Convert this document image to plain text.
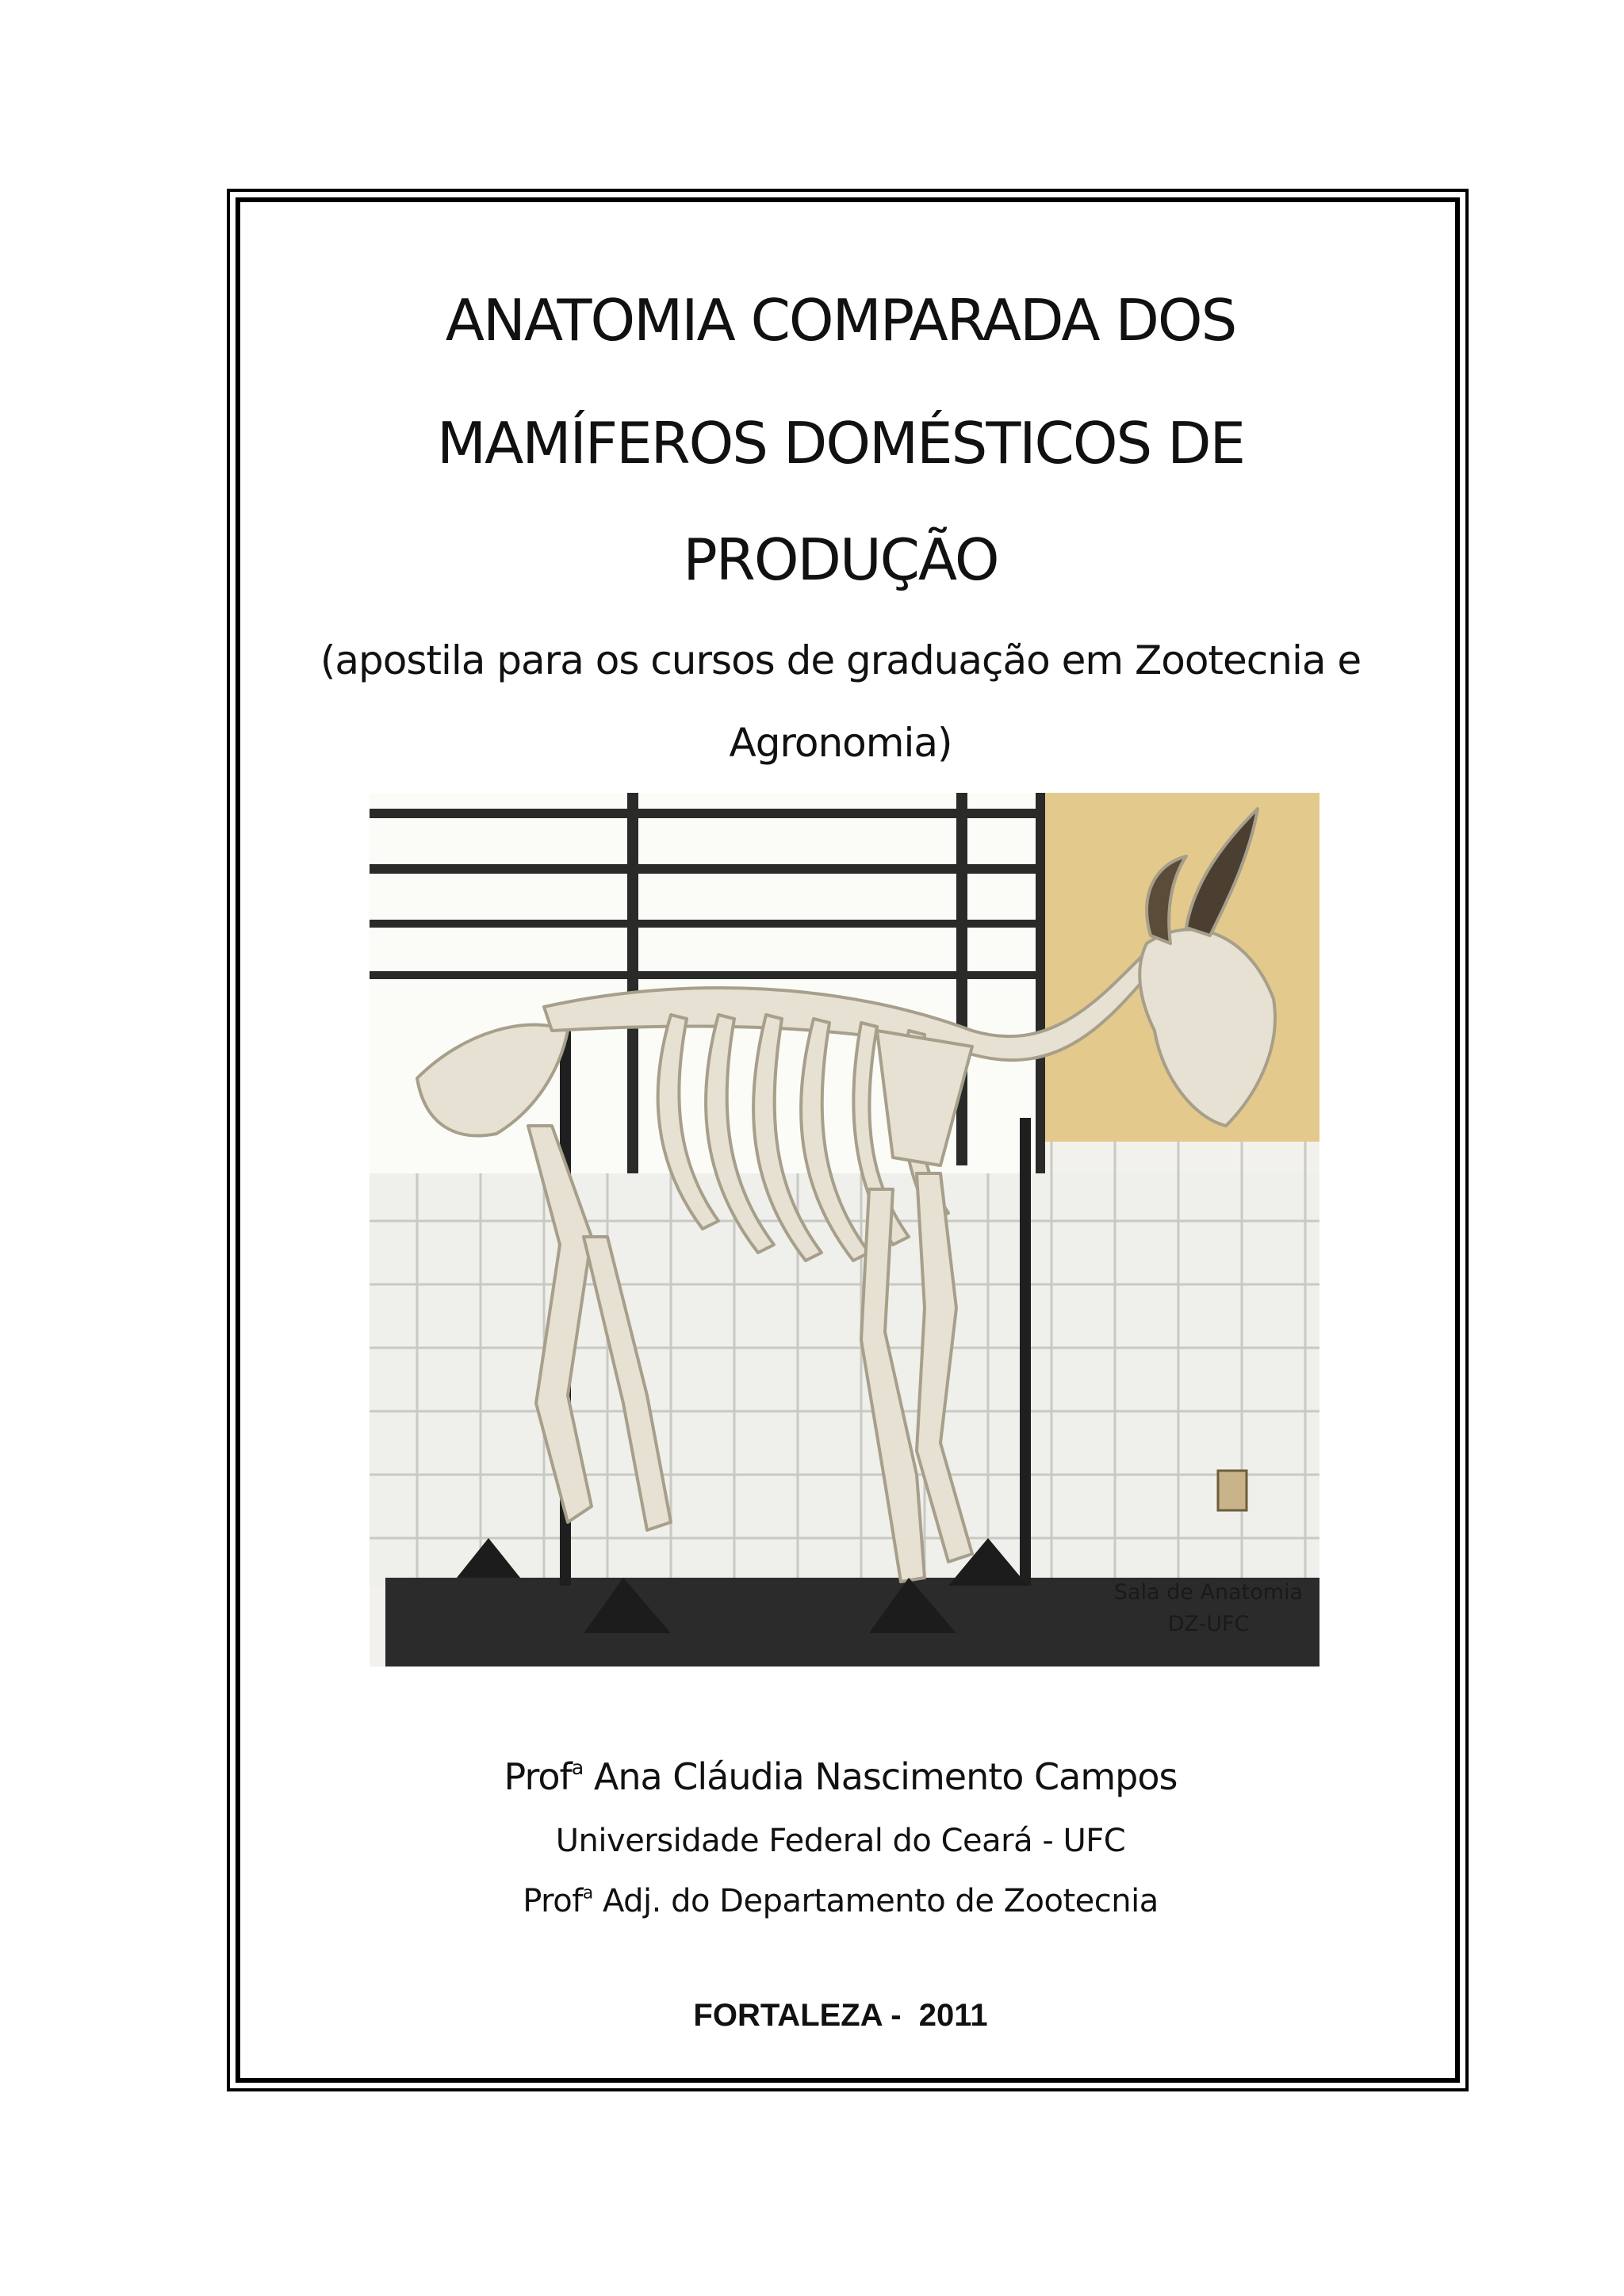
ANATOMIA COMPARADA DOS
MAMÍFEROS DOMÉSTICOS DE
PRODUÇÃO

(apostila para os cursos de graduação em Zootecnia e

Agronomia)

Sala de Anatomia
DZ-UFC
Prof$^a$ Ana Cláudia Nascimento Campos
Universidade Federal do Ceará - UFC
Prof$^a$ Adj. do Departamento de Zootecnia
FORTALEZA -  2011
